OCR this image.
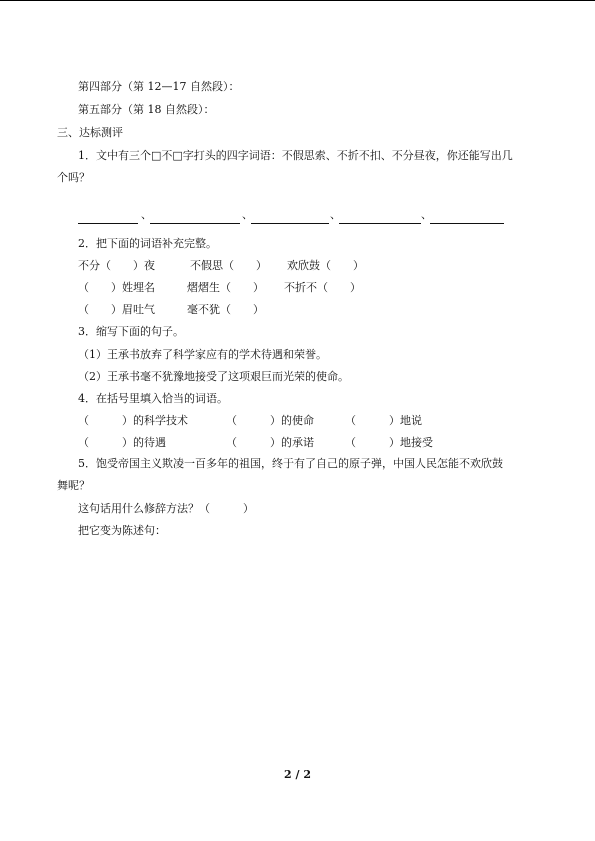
第四部分（第 12—17 自然段）：
第五部分（第 18 自然段）：
三、达标测评
1．文中有三个□不□字打头的四字词语：不假思索、不折不扣、不分昼夜，你还能写出几
个吗？
、	、	、	、
2．把下面的词语补充完整。
不分（　　）夜	不假思（　　） 欢欣鼓（　　）
（　　）姓埋名	熠熠生（　　） 不折不（　　）
（　　）眉吐气	毫不犹（　　）
3．缩写下面的句子。
（1）王承书放弃了科学家应有的学术待遇和荣誉。
（2）王承书毫不犹豫地接受了这项艰巨而光荣的使命。
4．在括号里填入恰当的词语。
（　　　）的科学技术	（　　　）的使命	（　　　）地说
（　　　）的待遇	（　　　）的承诺	（　　　）地接受
5．饱受帝国主义欺凌一百多年的祖国，终于有了自己的原子弹，中国人民怎能不欢欣鼓
舞呢？
这句话用什么修辞方法？（　　　）
把它变为陈述句：
2 / 2
